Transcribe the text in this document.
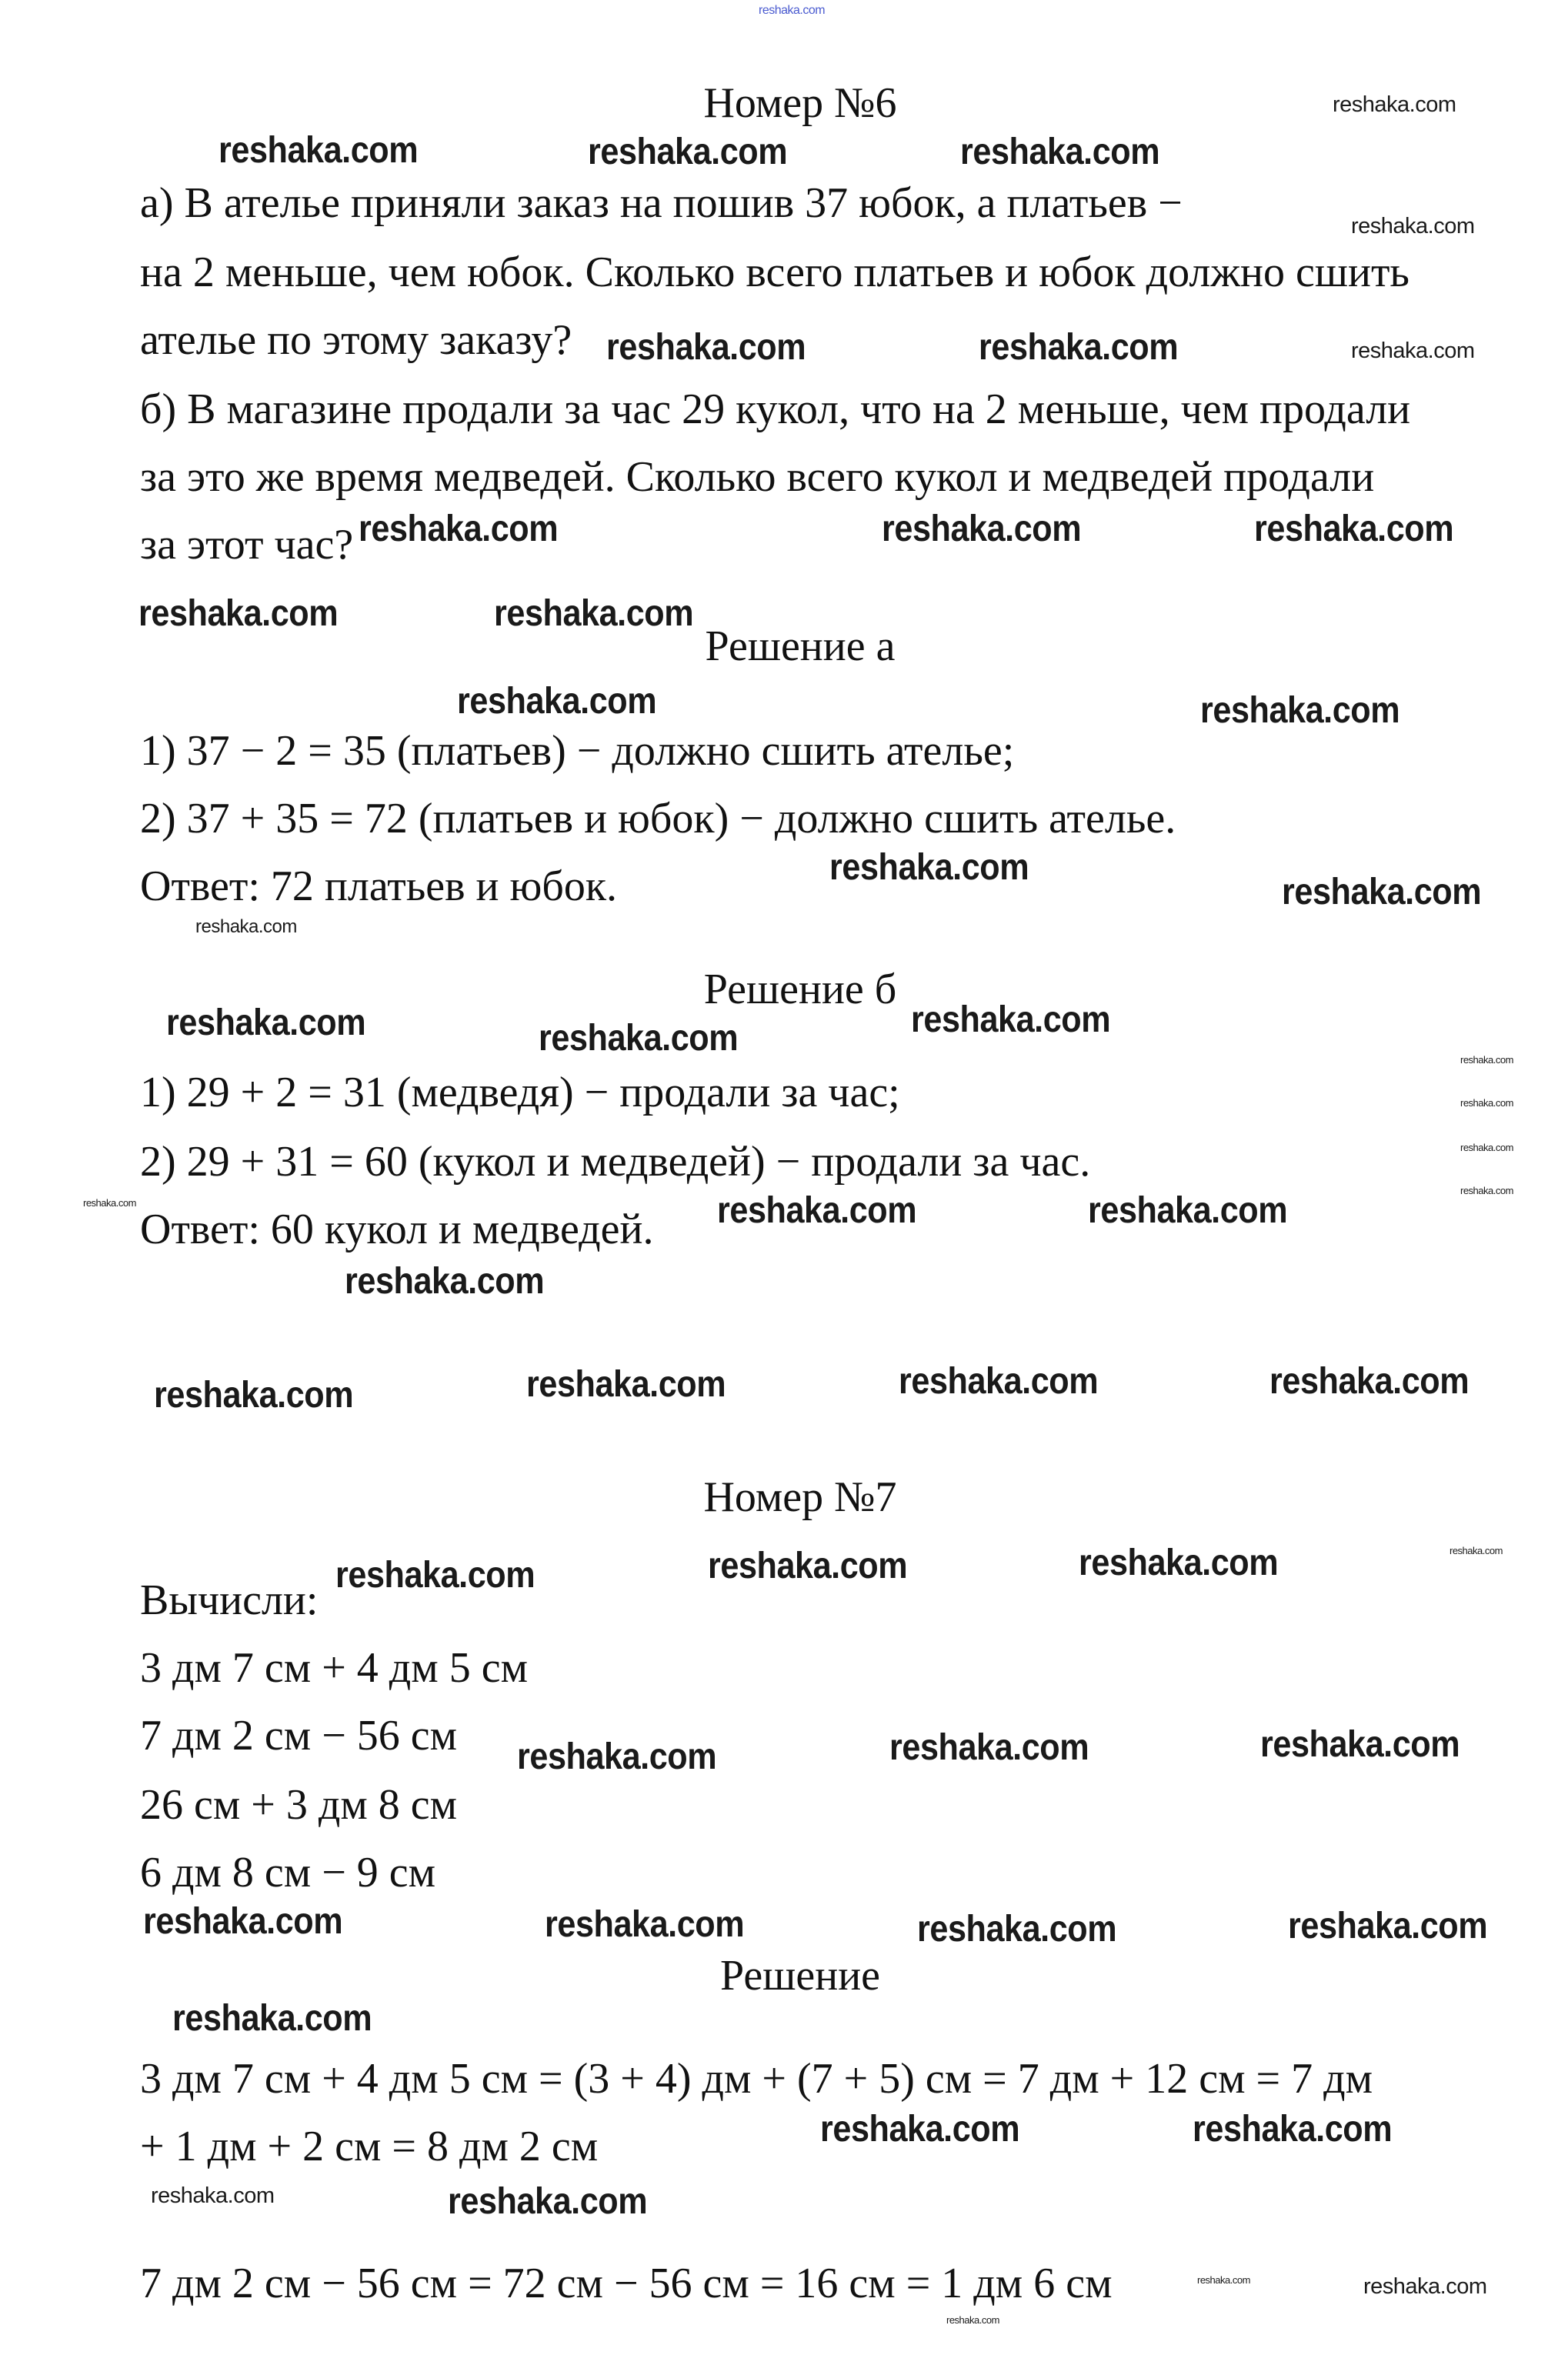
Номер №6
а) В ателье приняли заказ на пошив 37 юбок, а платьев −
на 2 меньше, чем юбок. Сколько всего платьев и юбок должно сшить
ателье по этому заказу?
б) В магазине продали за час 29 кукол, что на 2 меньше, чем продали
за это же время медведей. Сколько всего кукол и медведей продали
за этот час?
Решение а
1) 37 − 2 = 35 (платьев) − должно сшить ателье;
2) 37 + 35 = 72 (платьев и юбок) − должно сшить ателье.
Ответ: 72 платьев и юбок.
Решение б
1) 29 + 2 = 31 (медведя) − продали за час;
2) 29 + 31 = 60 (кукол и медведей) − продали за час.
Ответ: 60 кукол и медведей.
Номер №7
Вычисли:
3 дм 7 см + 4 дм 5 см
7 дм 2 см − 56 см
26 см + 3 дм 8 см
6 дм 8 см − 9 см
Решение
3 дм 7 см + 4 дм 5 см = (3 + 4) дм + (7 + 5) см = 7 дм + 12 см = 7 дм
+ 1 дм + 2 см = 8 дм 2 см
7 дм 2 см − 56 см = 72 см − 56 см = 16 см = 1 дм 6 см
reshaka.com	reshaka.com	reshaka.com
reshaka.com	reshaka.com
reshaka.com	reshaka.com	reshaka.com
reshaka.com	reshaka.com
reshaka.com
reshaka.com
reshaka.com
reshaka.com
reshaka.com	reshaka.com	reshaka.com
reshaka.com
reshaka.com	reshaka.com
reshaka.com	reshaka.com	reshaka.com	reshaka.com
reshaka.com	reshaka.com	reshaka.com
reshaka.com	reshaka.com	reshaka.com
reshaka.com	reshaka.com	reshaka.com	reshaka.com
reshaka.com
reshaka.com	reshaka.com
reshaka.com
reshaka.com
reshaka.com
reshaka.com
reshaka.com
reshaka.com
reshaka.com
reshaka.com
reshaka.com
reshaka.com
reshaka.com
reshaka.com
reshaka.com
reshaka.com
reshaka.com
reshaka.com
